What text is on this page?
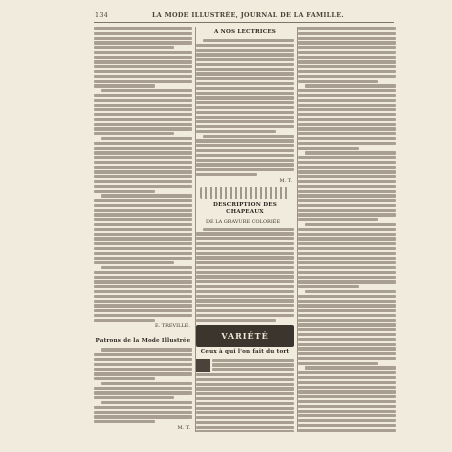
134	LA MODE ILLUSTRÉE, JOURNAL DE LA FAMILLE.
E. TREVILLE.
Patrons de la Mode Illustrée
M. T.
A NOS LECTRICES
M. T.
DESCRIPTION DES CHAPEAUX
DE LA GRAVURE COLORIÉE
VARIÉTÉ
Ceux à qui l'on fait du tort
